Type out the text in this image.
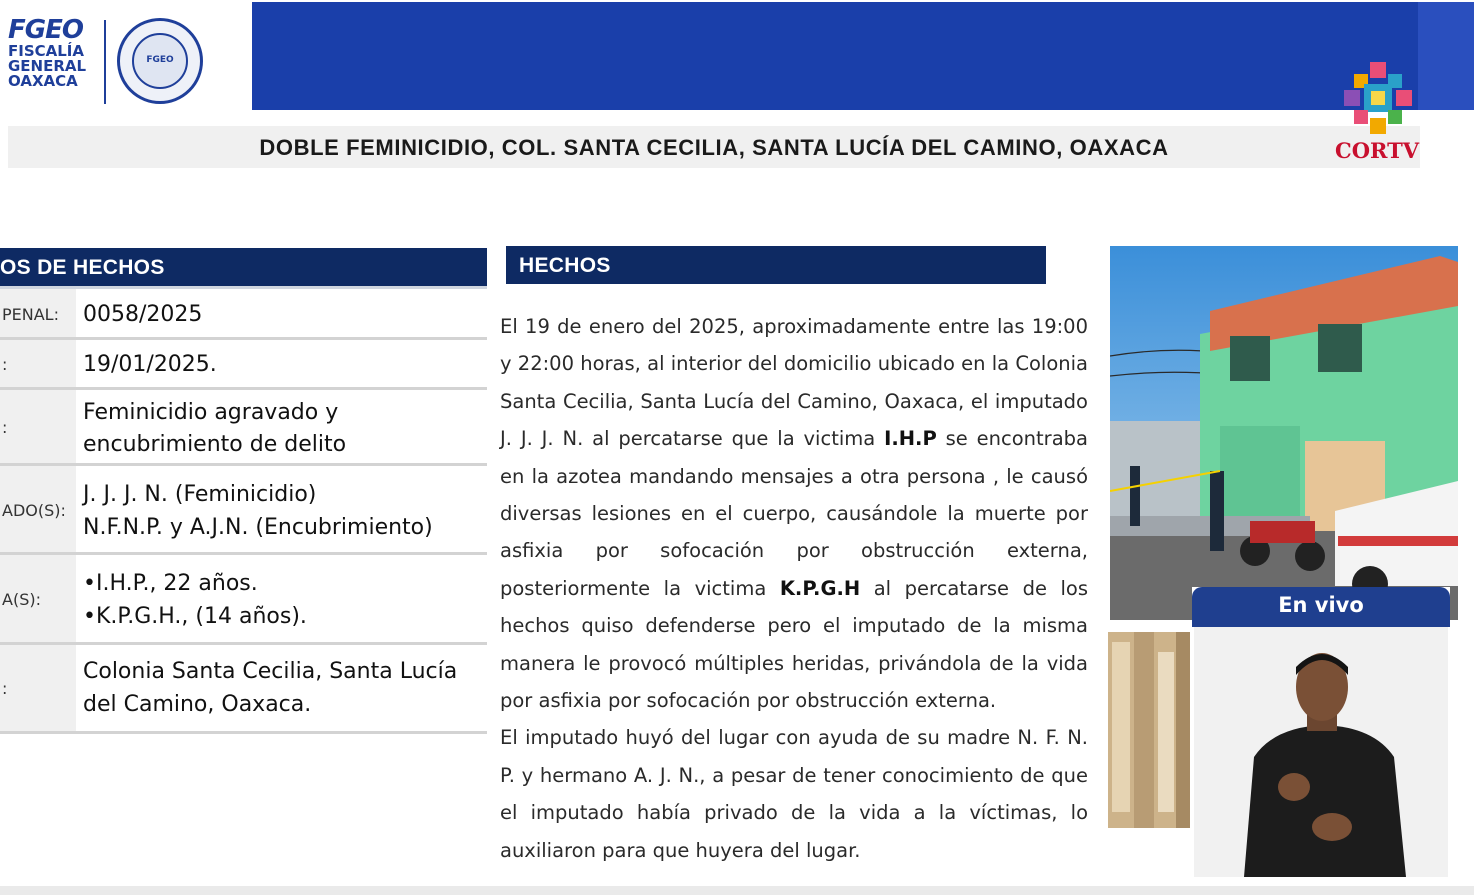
FGEO
FISCALÍA
GENERAL
OAXACA
FGEO
DOBLE FEMINICIDIO, COL. SANTA CECILIA, SANTA LUCÍA DEL CAMINO, OAXACA	CORTV
OS DE HECHOS
PENAL: 0058/2025
:	19/01/2025.
:
Feminicidio agravado y
encubrimiento de delito
ADO(S):
J. J. J. N. (Feminicidio)
N.F.N.P. y A.J.N. (Encubrimiento)
A(S):
•I.H.P., 22 años.
•K.P.G.H., (14 años).
:
Colonia Santa Cecilia, Santa Lucía
del Camino, Oaxaca.
HECHOS

El 19 de enero del 2025, aproximadamente entre las 19:00 y 22:00 horas, al interior del domicilio ubicado en la Colonia Santa Cecilia, Santa Lucía del Camino, Oaxaca, el imputado J. J. J. N. al percatarse que la victima I.H.P se encontraba en la azotea mandando mensajes a otra persona , le causó diversas lesiones en el cuerpo, causándole la muerte por asfixia por sofocación por obstrucción externa, posteriormente la victima K.P.G.H al percatarse de los hechos quiso defenderse pero el imputado de la misma manera le provocó múltiples heridas, privándola de la vida por asfixia por sofocación por obstrucción externa.

El imputado huyó del lugar con ayuda de su madre N. F. N. P. y hermano A. J. N., a pesar de tener conocimiento de que el imputado había privado de la vida a la víctimas, lo auxiliaron para que huyera del lugar.

En vivo
